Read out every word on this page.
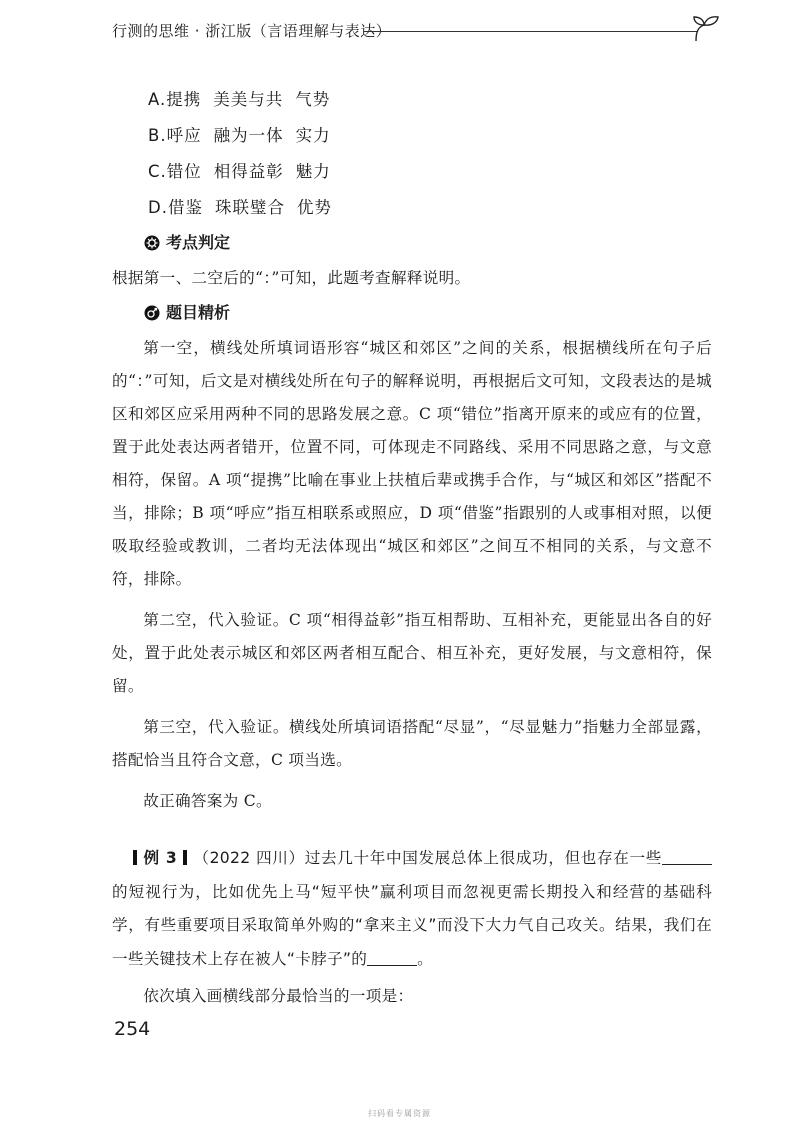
行测的思维 · 浙江版（言语理解与表达）
A.提携 美美与共 气势
B.呼应 融为一体 实力
C.错位 相得益彰 魅力
D.借鉴 珠联璧合 优势
考点判定

根据第一、二空后的“：”可知，此题考查解释说明。

题目精析

第一空，横线处所填词语形容“城区和郊区”之间的关系，根据横线所在句子后的“：”可知，后文是对横线处所在句子的解释说明，再根据后文可知，文段表达的是城区和郊区应采用两种不同的思路发展之意。C 项“错位”指离开原来的或应有的位置，置于此处表达两者错开，位置不同，可体现走不同路线、采用不同思路之意，与文意相符，保留。A 项“提携”比喻在事业上扶植后辈或携手合作，与“城区和郊区”搭配不当，排除；B 项“呼应”指互相联系或照应，D 项“借鉴”指跟别的人或事相对照，以便吸取经验或教训，二者均无法体现出“城区和郊区”之间互不相同的关系，与文意不符，排除。

第二空，代入验证。C 项“相得益彰”指互相帮助、互相补充，更能显出各自的好处，置于此处表示城区和郊区两者相互配合、相互补充，更好发展，与文意相符，保留。

第三空，代入验证。横线处所填词语搭配“尽显”，“尽显魅力”指魅力全部显露，搭配恰当且符合文意，C 项当选。

故正确答案为 C。

例 3 （2022 四川）过去几十年中国发展总体上很成功，但也存在一些的短视行为，比如优先上马“短平快”赢利项目而忽视更需长期投入和经营的基础科学，有些重要项目采取简单外购的“拿来主义”而没下大力气自己攻关。结果，我们在一些关键技术上存在被人“卡脖子”的	。

依次填入画横线部分最恰当的一项是：

254
扫码看专属资源
